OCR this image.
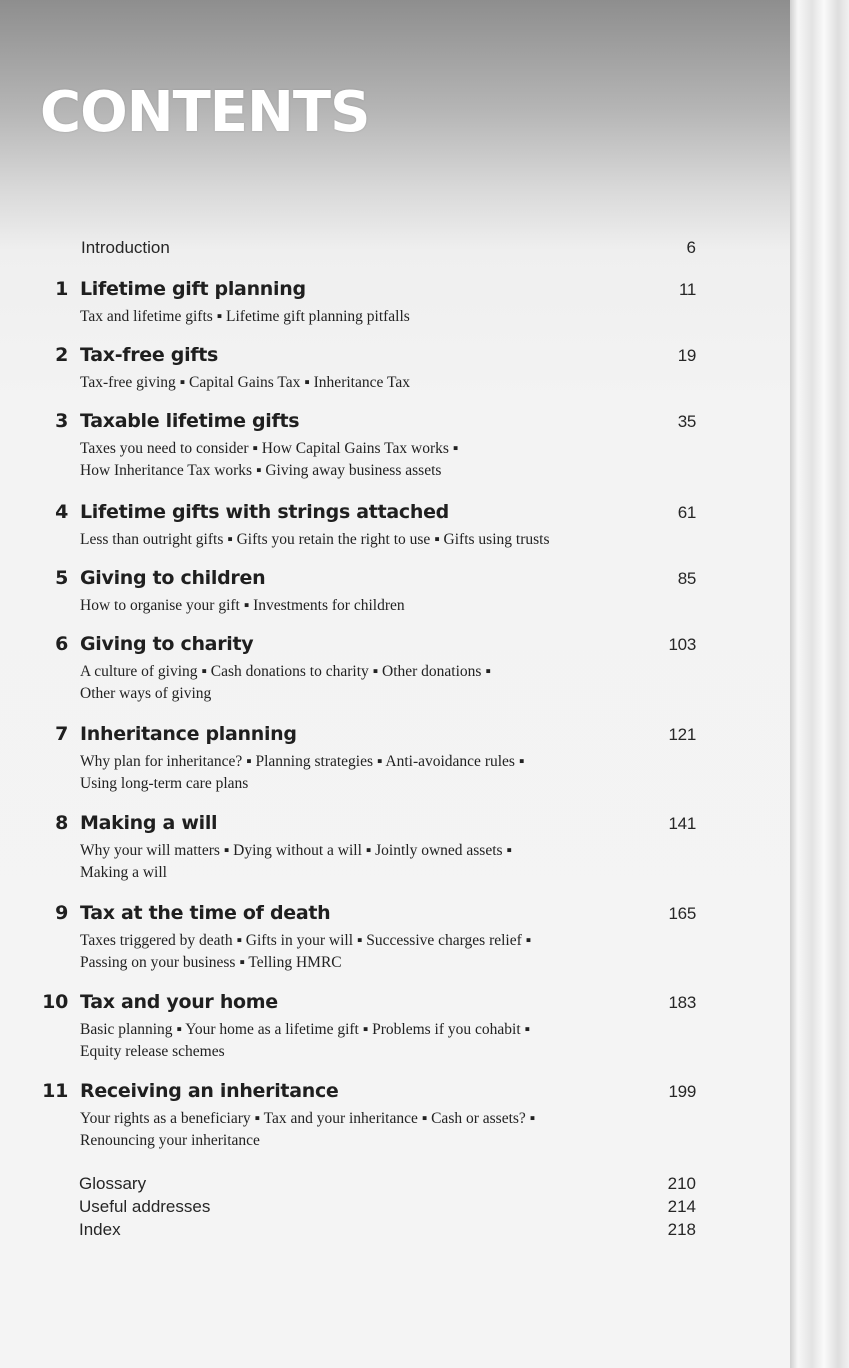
CONTENTS
Introduction	6
1 Lifetime gift planning	11
Tax and lifetime gifts ▪ Lifetime gift planning pitfalls
2 Tax-free gifts	19
Tax-free giving ▪ Capital Gains Tax ▪ Inheritance Tax
3 Taxable lifetime gifts	35
Taxes you need to consider ▪ How Capital Gains Tax works ▪
How Inheritance Tax works ▪ Giving away business assets
4 Lifetime gifts with strings attached	61
Less than outright gifts ▪ Gifts you retain the right to use ▪ Gifts using trusts
5 Giving to children	85
How to organise your gift ▪ Investments for children
6 Giving to charity	103
A culture of giving ▪ Cash donations to charity ▪ Other donations ▪
Other ways of giving
7 Inheritance planning	121
Why plan for inheritance? ▪ Planning strategies ▪ Anti-avoidance rules ▪
Using long-term care plans
8 Making a will	141
Why your will matters ▪ Dying without a will ▪ Jointly owned assets ▪
Making a will
9 Tax at the time of death	165
Taxes triggered by death ▪ Gifts in your will ▪ Successive charges relief ▪
Passing on your business ▪ Telling HMRC
10 Tax and your home	183
Basic planning ▪ Your home as a lifetime gift ▪ Problems if you cohabit ▪
Equity release schemes
11 Receiving an inheritance	199
Your rights as a beneficiary ▪ Tax and your inheritance ▪ Cash or assets? ▪
Renouncing your inheritance
Glossary	210
Useful addresses	214
Index	218
